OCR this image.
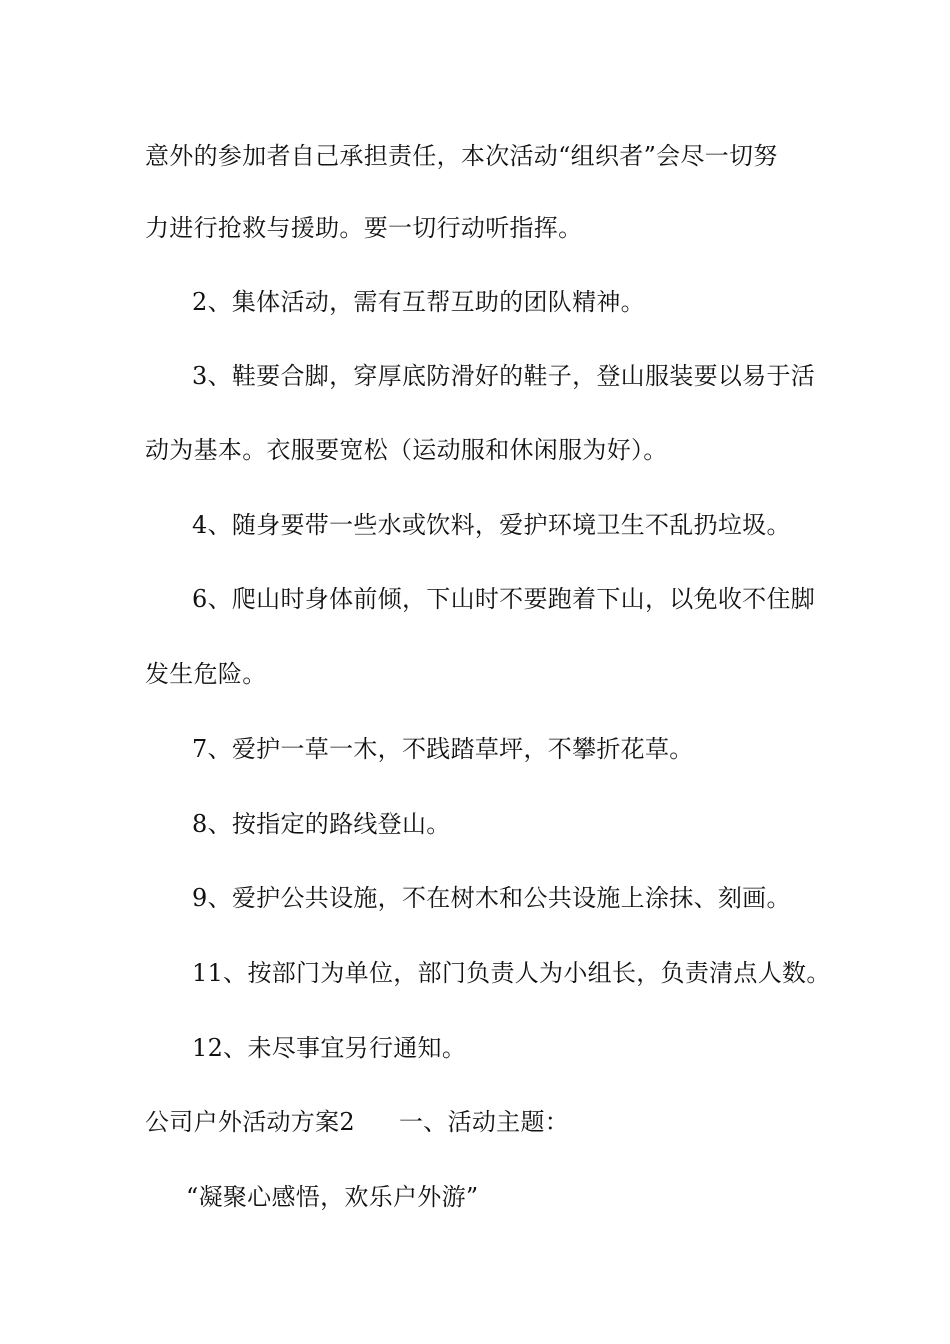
意外的参加者自己承担责任，本次活动“组织者”会尽一切努
力进行抢救与援助。要一切行动听指挥。
2、集体活动，需有互帮互助的团队精神。
3、鞋要合脚，穿厚底防滑好的鞋子，登山服装要以易于活
动为基本。衣服要宽松（运动服和休闲服为好）。
4、随身要带一些水或饮料，爱护环境卫生不乱扔垃圾。
6、爬山时身体前倾，下山时不要跑着下山，以免收不住脚
发生危险。
7、爱护一草一木，不践踏草坪，不攀折花草。
8、按指定的路线登山。
9、爱护公共设施，不在树木和公共设施上涂抹、刻画。
11、按部门为单位，部门负责人为小组长，负责清点人数。
12、未尽事宜另行通知。
公司户外活动方案2 一、活动主题：
“凝聚心感悟，欢乐户外游”
